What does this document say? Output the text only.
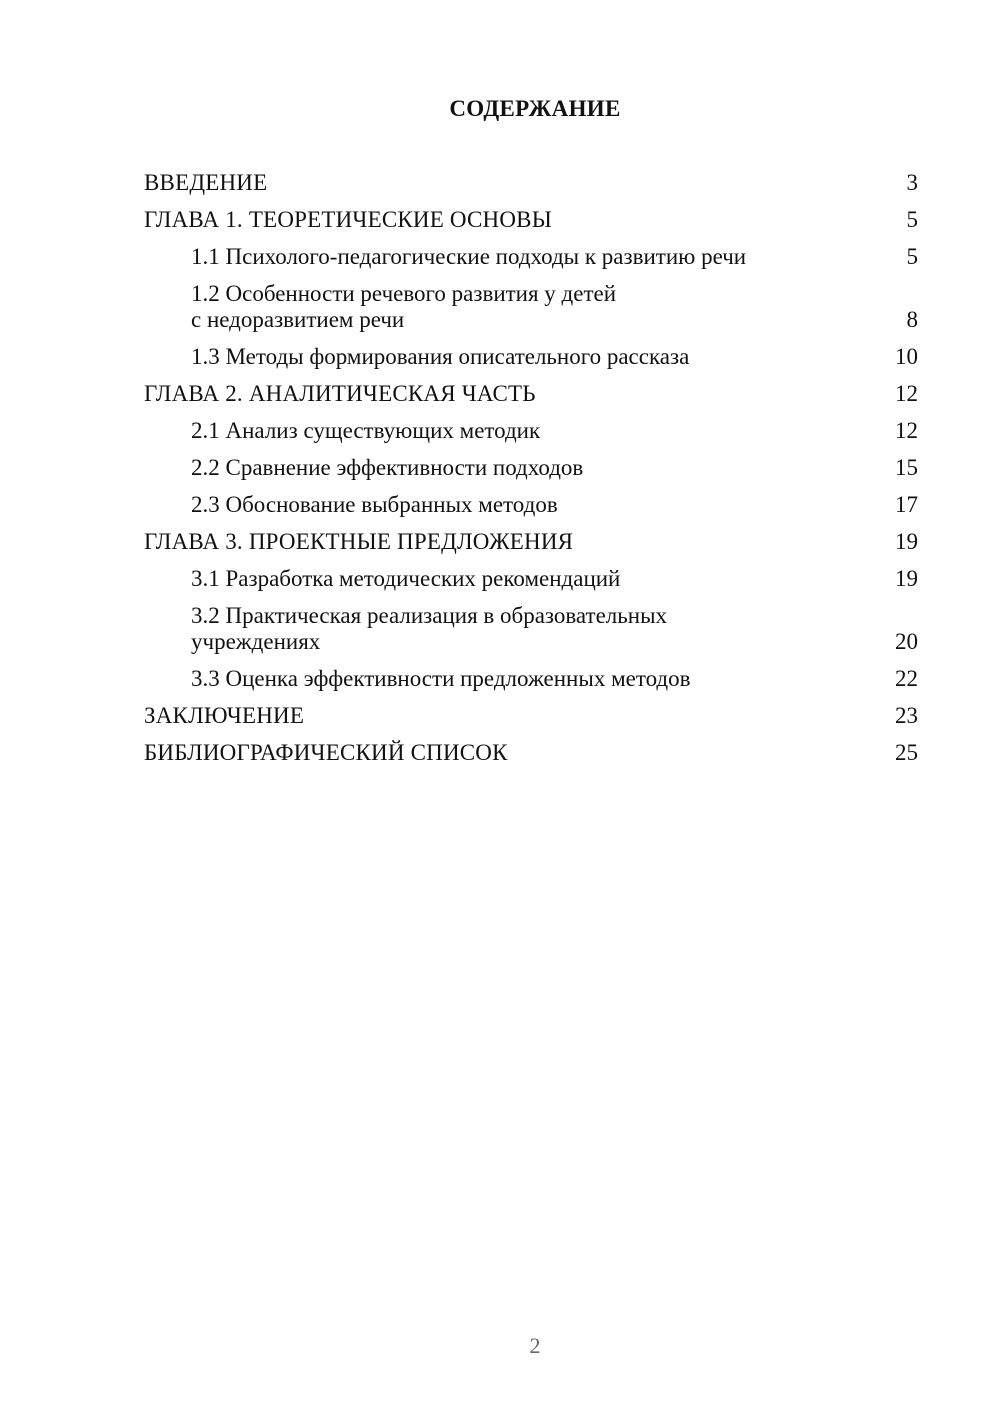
СОДЕРЖАНИЕ
ВВЕДЕНИЕ	3
ГЛАВА 1. ТЕОРЕТИЧЕСКИЕ ОСНОВЫ	5
1.1 Психолого-педагогические подходы к развитию речи	5
1.2 Особенности речевого развития у детей с недоразвитием речи	8
1.3 Методы формирования описательного рассказа	10
ГЛАВА 2. АНАЛИТИЧЕСКАЯ ЧАСТЬ	12
2.1 Анализ существующих методик	12
2.2 Сравнение эффективности подходов	15
2.3 Обоснование выбранных методов	17
ГЛАВА 3. ПРОЕКТНЫЕ ПРЕДЛОЖЕНИЯ	19
3.1 Разработка методических рекомендаций	19
3.2 Практическая реализация в образовательных учреждениях	20
3.3 Оценка эффективности предложенных методов	22
ЗАКЛЮЧЕНИЕ	23
БИБЛИОГРАФИЧЕСКИЙ СПИСОК	25
2
